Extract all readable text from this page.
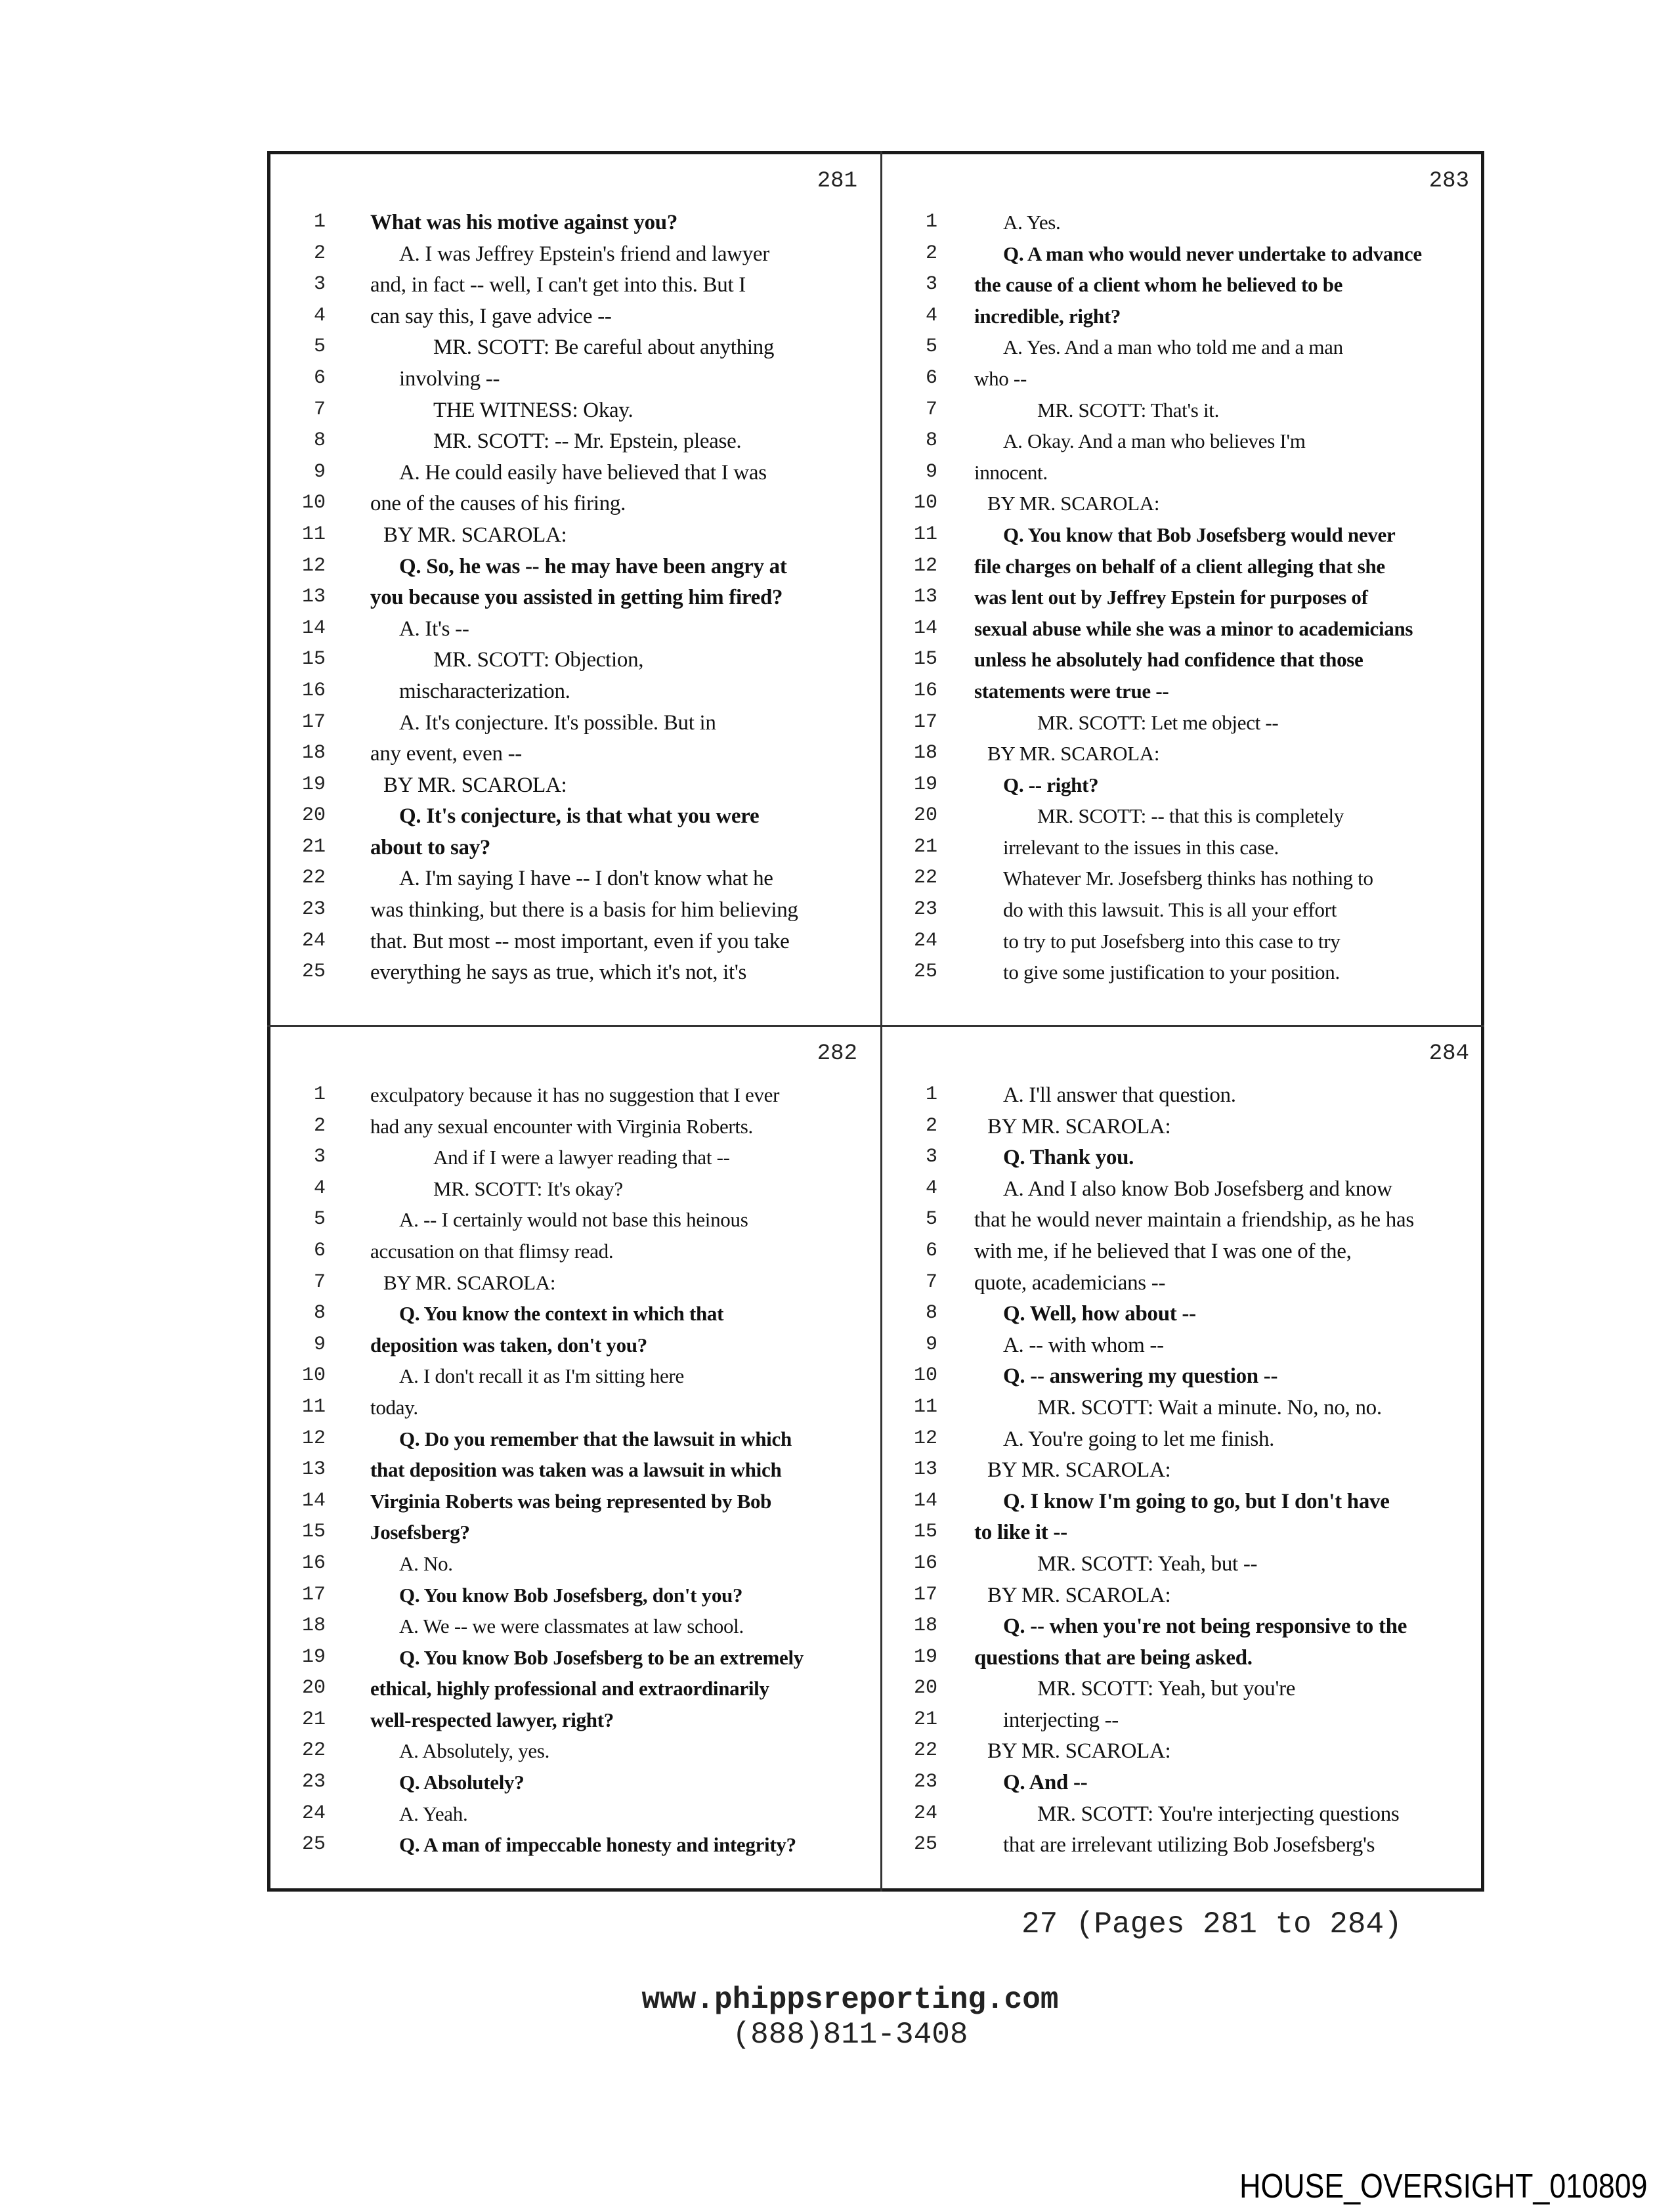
281
1 What was his motive against you?
2	A. I was Jeffrey Epstein's friend and lawyer
3 and, in fact -- well, I can't get into this. But I
4 can say this, I gave advice --
5	MR. SCOTT: Be careful about anything
6	involving --
7	THE WITNESS: Okay.
8	MR. SCOTT: -- Mr. Epstein, please.
9	A. He could easily have believed that I was
10 one of the causes of his firing.
11	BY MR. SCAROLA:
12	Q. So, he was -- he may have been angry at
13 you because you assisted in getting him fired?
14	A. It's --
15	MR. SCOTT: Objection,
16	mischaracterization.
17	A. It's conjecture. It's possible. But in
18 any event, even --
19	BY MR. SCAROLA:
20	Q. It's conjecture, is that what you were
21 about to say?
22	A. I'm saying I have -- I don't know what he
23 was thinking, but there is a basis for him believing
24 that. But most -- most important, even if you take
25 everything he says as true, which it's not, it's
283
1	A. Yes.
2	Q. A man who would never undertake to advance
3 the cause of a client whom he believed to be
4 incredible, right?
5	A. Yes. And a man who told me and a man
6 who --
7	MR. SCOTT: That's it.
8	A. Okay. And a man who believes I'm
9 innocent.
10	BY MR. SCAROLA:
11	Q. You know that Bob Josefsberg would never
12 file charges on behalf of a client alleging that she
13 was lent out by Jeffrey Epstein for purposes of
14 sexual abuse while she was a minor to academicians
15 unless he absolutely had confidence that those
16 statements were true --
17	MR. SCOTT: Let me object --
18	BY MR. SCAROLA:
19	Q. -- right?
20	MR. SCOTT: -- that this is completely
21	irrelevant to the issues in this case.
22	Whatever Mr. Josefsberg thinks has nothing to
23	do with this lawsuit. This is all your effort
24	to try to put Josefsberg into this case to try
25	to give some justification to your position.
282
1 exculpatory because it has no suggestion that I ever
2 had any sexual encounter with Virginia Roberts.
3	And if I were a lawyer reading that --
4	MR. SCOTT: It's okay?
5	A. -- I certainly would not base this heinous
6 accusation on that flimsy read.
7	BY MR. SCAROLA:
8	Q. You know the context in which that
9 deposition was taken, don't you?
10	A. I don't recall it as I'm sitting here
11 today.
12	Q. Do you remember that the lawsuit in which
13 that deposition was taken was a lawsuit in which
14 Virginia Roberts was being represented by Bob
15 Josefsberg?
16	A. No.
17	Q. You know Bob Josefsberg, don't you?
18	A. We -- we were classmates at law school.
19	Q. You know Bob Josefsberg to be an extremely
20 ethical, highly professional and extraordinarily
21 well-respected lawyer, right?
22	A. Absolutely, yes.
23	Q. Absolutely?
24	A. Yeah.
25	Q. A man of impeccable honesty and integrity?
284
1	A. I'll answer that question.
2	BY MR. SCAROLA:
3	Q. Thank you.
4	A. And I also know Bob Josefsberg and know
5 that he would never maintain a friendship, as he has
6 with me, if he believed that I was one of the,
7 quote, academicians --
8	Q. Well, how about --
9	A. -- with whom --
10	Q. -- answering my question --
11	MR. SCOTT: Wait a minute. No, no, no.
12	A. You're going to let me finish.
13	BY MR. SCAROLA:
14	Q. I know I'm going to go, but I don't have
15 to like it --
16	MR. SCOTT: Yeah, but --
17	BY MR. SCAROLA:
18	Q. -- when you're not being responsive to the
19 questions that are being asked.
20	MR. SCOTT: Yeah, but you're
21	interjecting --
22	BY MR. SCAROLA:
23	Q. And --
24	MR. SCOTT: You're interjecting questions
25	that are irrelevant utilizing Bob Josefsberg's
27 (Pages 281 to 284)
www.phippsreporting.com
(888)811-3408
HOUSE_OVERSIGHT_010809
